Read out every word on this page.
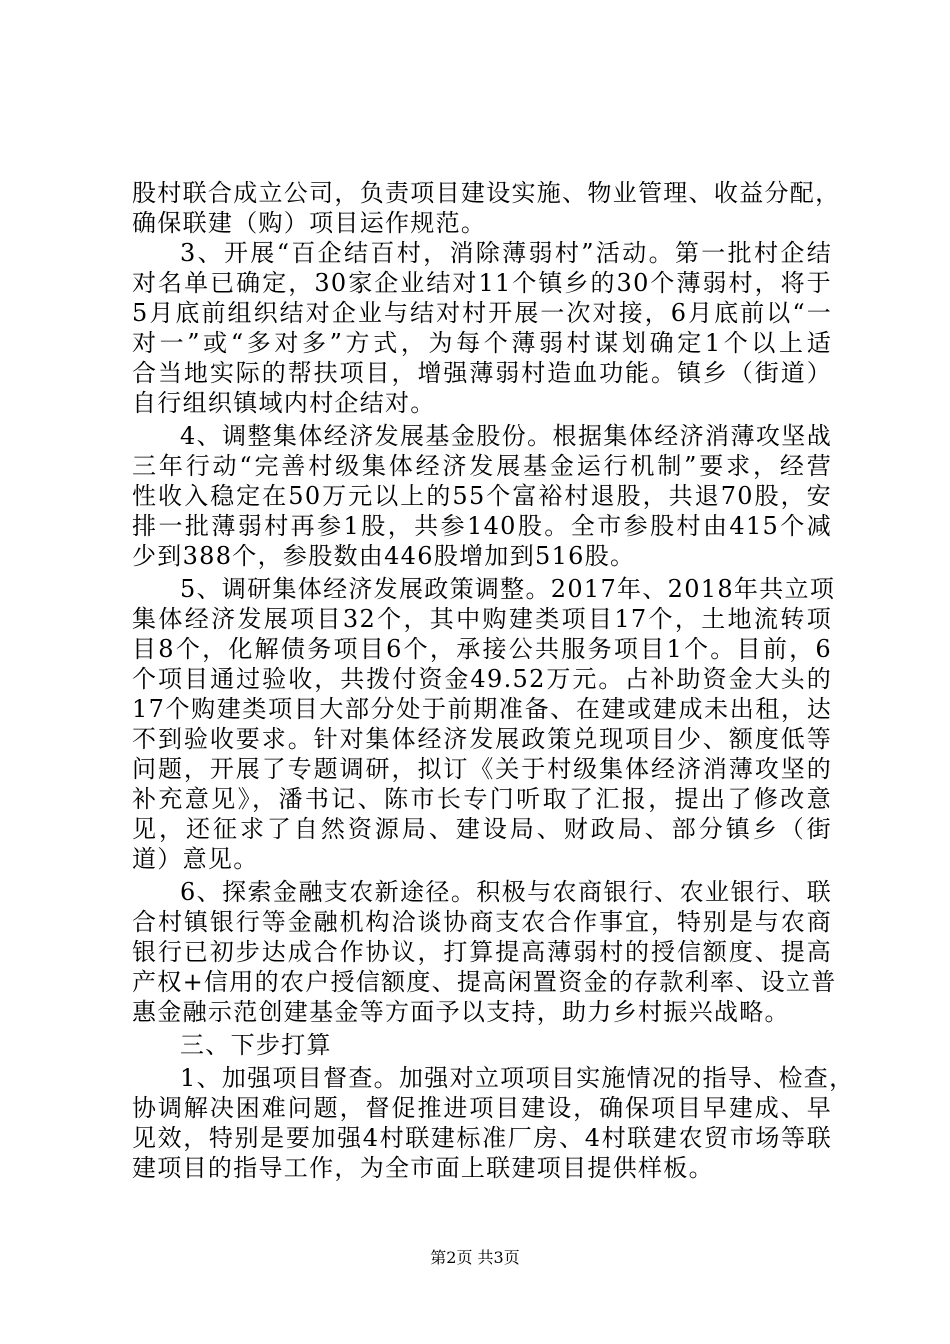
股村联合成立公司，负责项目建设实施、物业管理、收益分配，
确保联建（购）项目运作规范。
3、开展“百企结百村，消除薄弱村”活动。第一批村企结
对名单已确定，30家企业结对11个镇乡的30个薄弱村，将于
5月底前组织结对企业与结对村开展一次对接，6月底前以“一
对一”或“多对多”方式，为每个薄弱村谋划确定1个以上适
合当地实际的帮扶项目，增强薄弱村造血功能。镇乡（街道）
自行组织镇域内村企结对。
4、调整集体经济发展基金股份。根据集体经济消薄攻坚战
三年行动“完善村级集体经济发展基金运行机制”要求，经营
性收入稳定在50万元以上的55个富裕村退股，共退70股，安
排一批薄弱村再参1股，共参140股。全市参股村由415个减
少到388个，参股数由446股增加到516股。
5、调研集体经济发展政策调整。2017年、2018年共立项
集体经济发展项目32个，其中购建类项目17个，土地流转项
目8个，化解债务项目6个，承接公共服务项目1个。目前，6
个项目通过验收，共拨付资金49.52万元。占补助资金大头的
17个购建类项目大部分处于前期准备、在建或建成未出租，达
不到验收要求。针对集体经济发展政策兑现项目少、额度低等
问题，开展了专题调研，拟订《关于村级集体经济消薄攻坚的
补充意见》，潘书记、陈市长专门听取了汇报，提出了修改意
见，还征求了自然资源局、建设局、财政局、部分镇乡（街
道）意见。
6、探索金融支农新途径。积极与农商银行、农业银行、联
合村镇银行等金融机构洽谈协商支农合作事宜，特别是与农商
银行已初步达成合作协议，打算提高薄弱村的授信额度、提高
产权+信用的农户授信额度、提高闲置资金的存款利率、设立普
惠金融示范创建基金等方面予以支持，助力乡村振兴战略。
三、下步打算
1、加强项目督查。加强对立项项目实施情况的指导、检查，
协调解决困难问题，督促推进项目建设，确保项目早建成、早
见效，特别是要加强4村联建标准厂房、4村联建农贸市场等联
建项目的指导工作，为全市面上联建项目提供样板。
第2页 共3页
